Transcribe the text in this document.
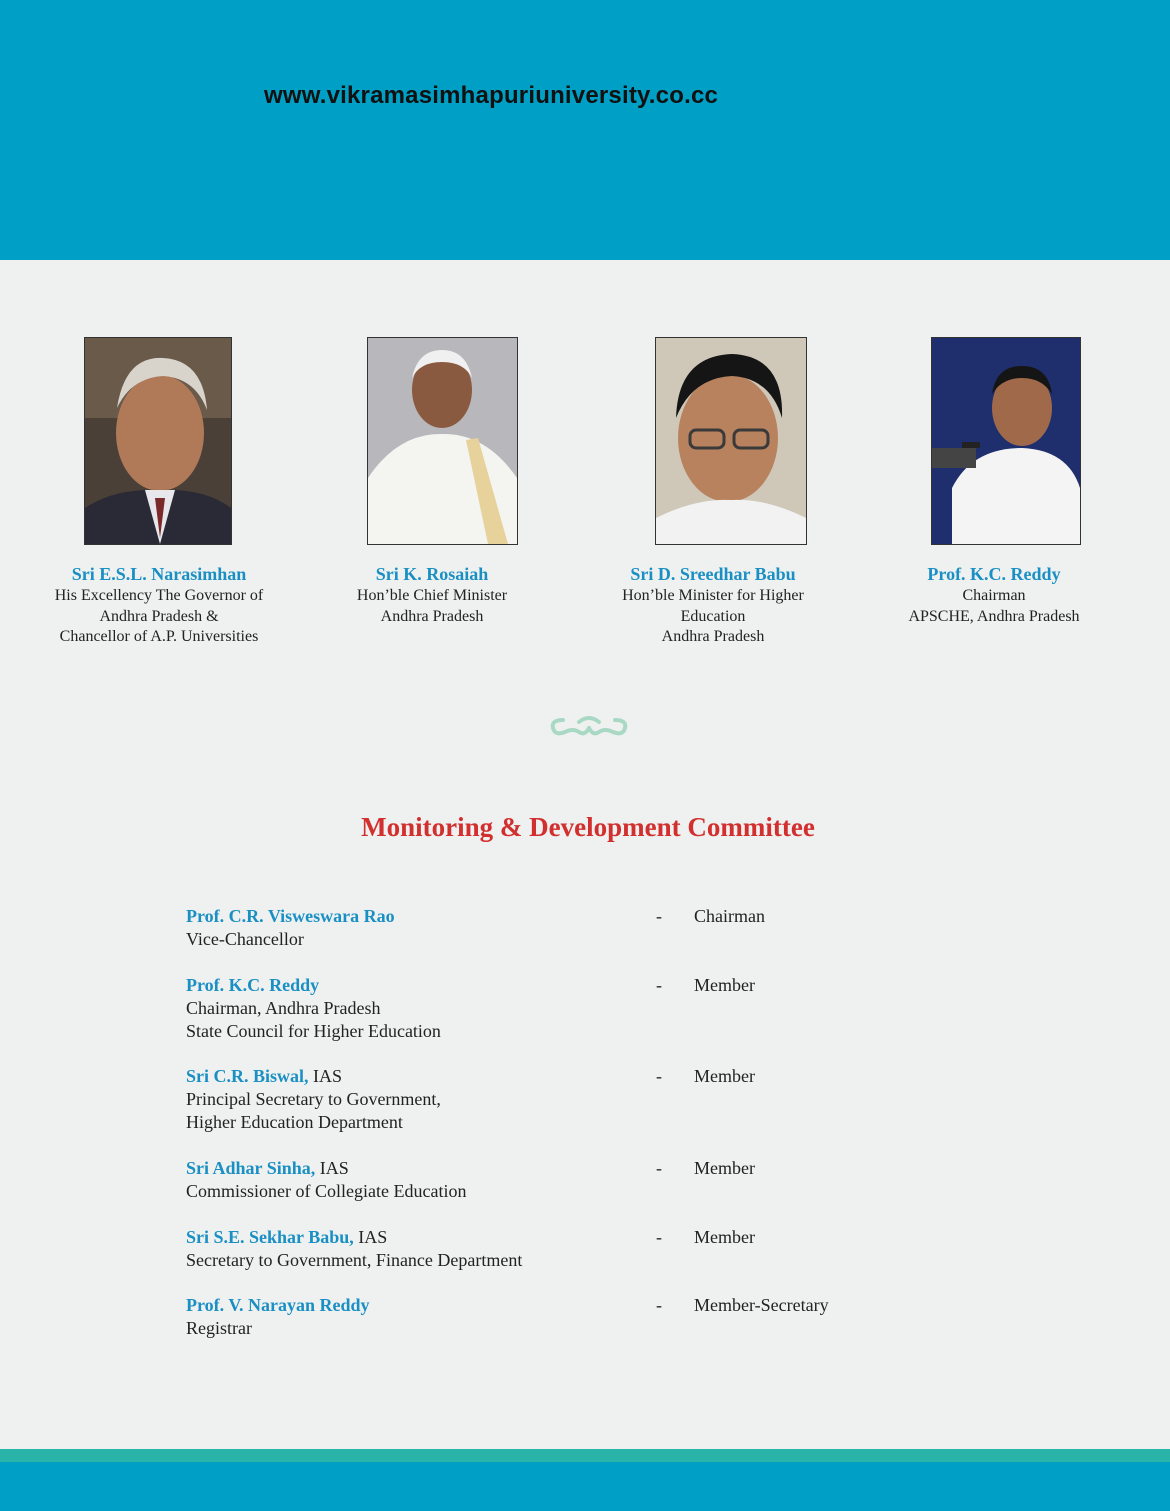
www.vikramasimhapuriuniversity.co.cc
Sri E.S.L. Narasimhan
His Excellency The Governor of
Andhra Pradesh &
Chancellor of A.P. Universities
Sri K. Rosaiah
Hon’ble Chief Minister
Andhra Pradesh
Sri D. Sreedhar Babu
Hon’ble Minister for Higher
Education
Andhra Pradesh
Prof. K.C. Reddy
Chairman
APSCHE, Andhra Pradesh
Monitoring & Development Committee
Prof. C.R. Visweswara Rao
Vice-Chancellor
- Chairman
Prof. K.C. Reddy
Chairman, Andhra Pradesh
State Council for Higher Education
- Member
Sri C.R. Biswal, IAS
Principal Secretary to Government,
Higher Education Department
- Member
Sri Adhar Sinha, IAS
Commissioner of Collegiate Education
- Member
Sri S.E. Sekhar Babu, IAS
Secretary to Government, Finance Department
- Member
Prof. V. Narayan Reddy
Registrar
- Member-Secretary
